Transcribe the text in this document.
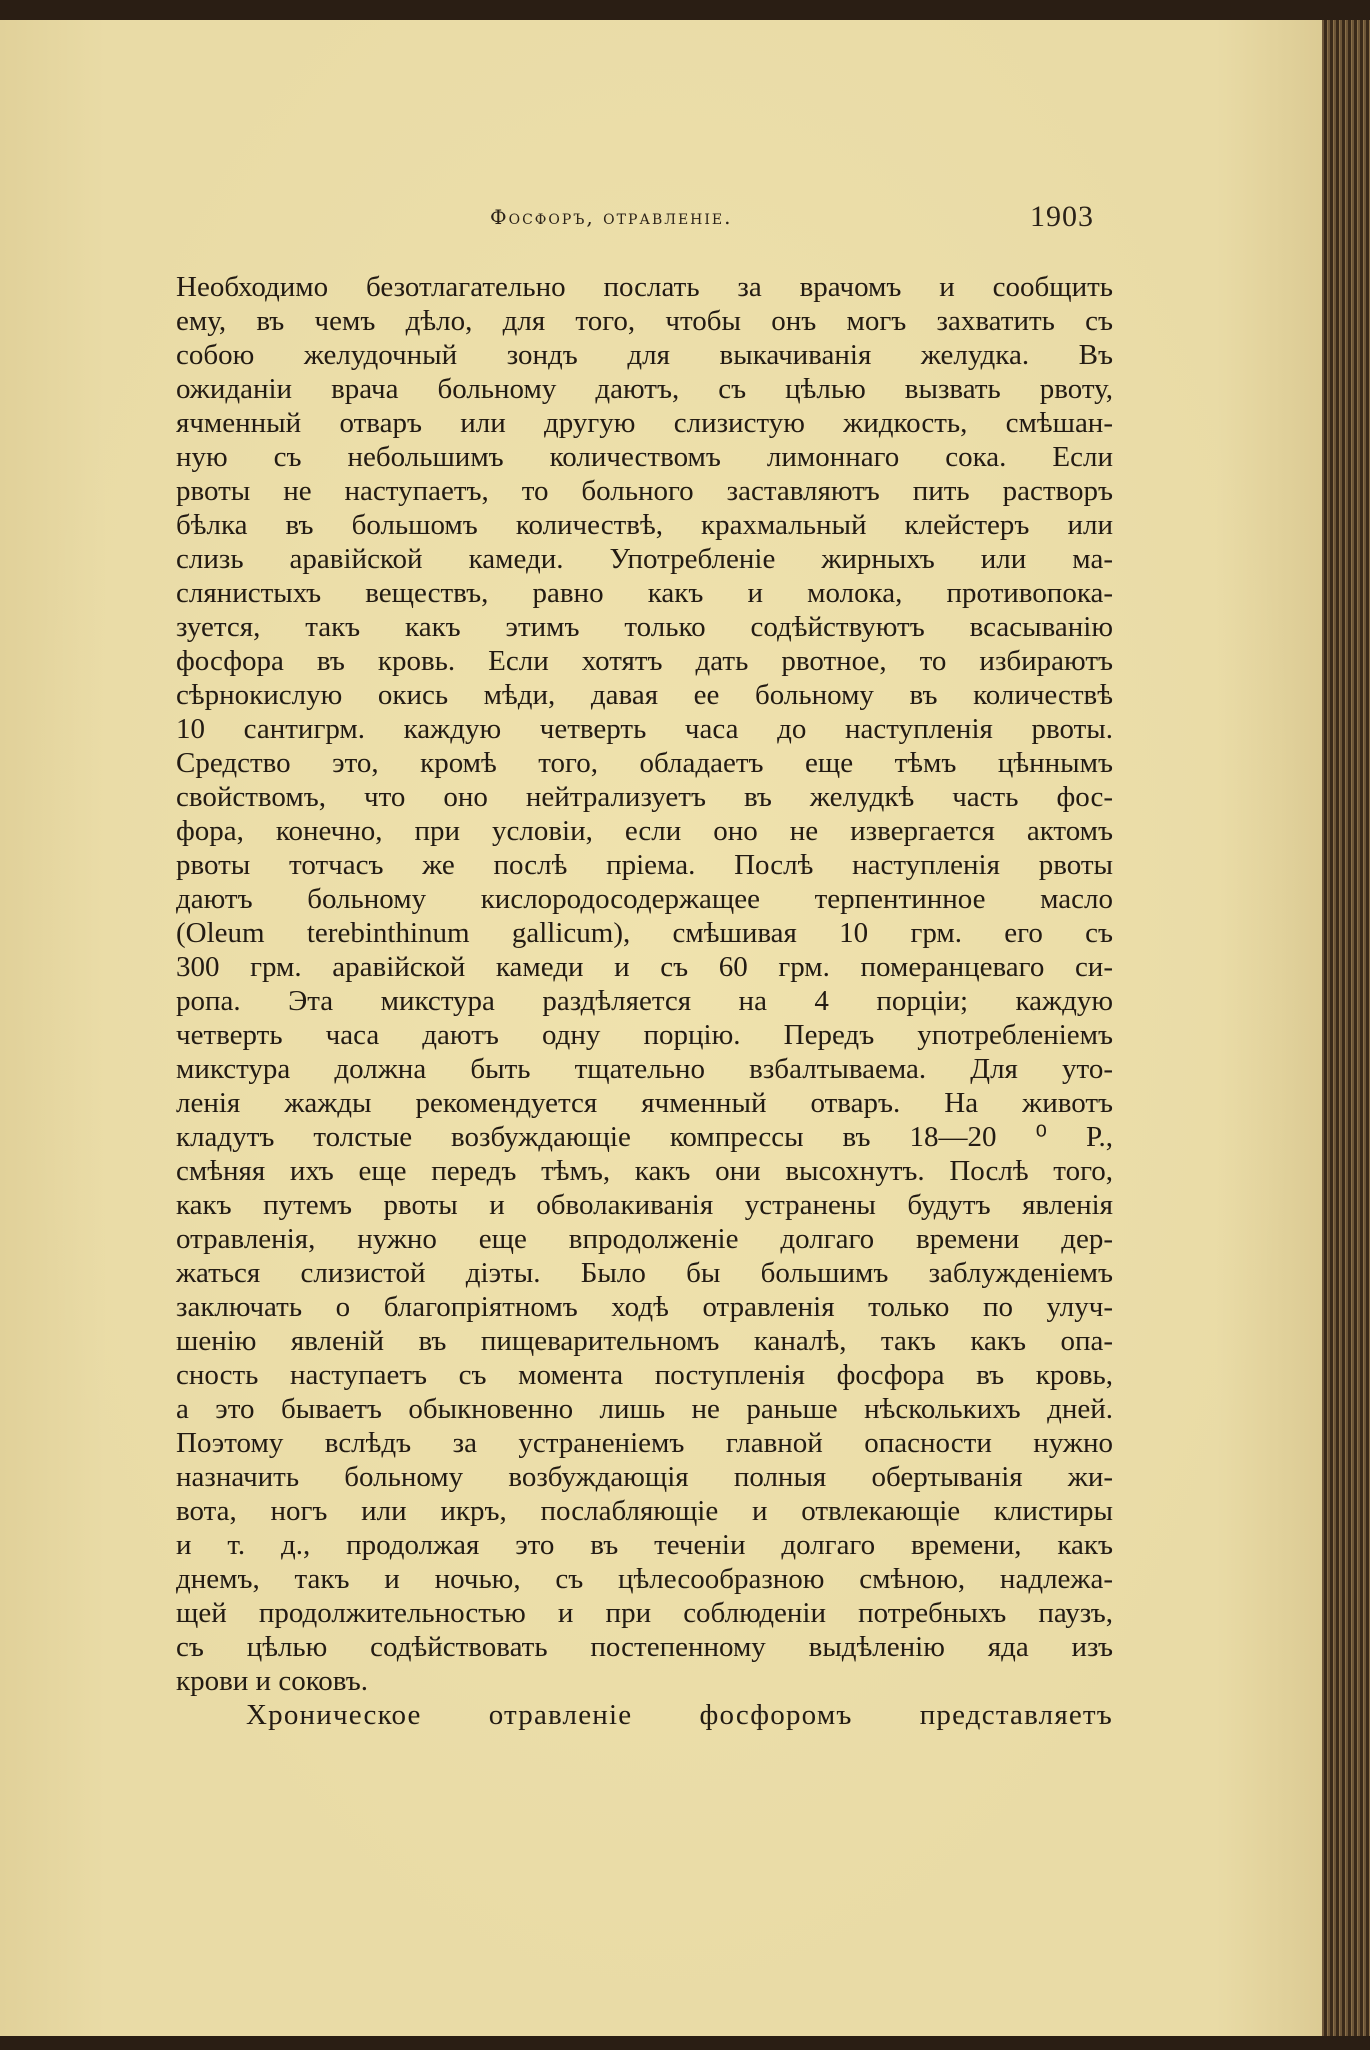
Фосфоръ, отравленіе.	1903
Необходимо безотлагательно послать за врачомъ и сообщить
ему, въ чемъ дѣло, для того, чтобы онъ могъ захватить съ
собою желудочный зондъ для выкачиванія желудка. Въ
ожиданіи врача больному даютъ, съ цѣлью вызвать рвоту,
ячменный отваръ или другую слизистую жидкость, смѣшан-
ную съ небольшимъ количествомъ лимоннаго сока. Если
рвоты не наступаетъ, то больного заставляютъ пить растворъ
бѣлка въ большомъ количествѣ, крахмальный клейстеръ или
слизь аравійской камеди. Употребленіе жирныхъ или ма-
слянистыхъ веществъ, равно какъ и молока, противопока-
зуется, такъ какъ этимъ только содѣйствуютъ всасыванію
фосфора въ кровь. Если хотятъ дать рвотное, то избираютъ
сѣрнокислую окись мѣди, давая ее больному въ количествѣ
10 сантигрм. каждую четверть часа до наступленія рвоты.
Средство это, кромѣ того, обладаетъ еще тѣмъ цѣннымъ
свойствомъ, что оно нейтрализуетъ въ желудкѣ часть фос-
фора, конечно, при условіи, если оно не извергается актомъ
рвоты тотчасъ же послѣ пріема. Послѣ наступленія рвоты
даютъ больному кислородосодержащее терпентинное масло
(Oleum terebinthinum gallicum), смѣшивая 10 грм. его съ
300 грм. аравійской камеди и съ 60 грм. померанцеваго си-
ропа. Эта микстура раздѣляется на 4 порціи; каждую
четверть часа даютъ одну порцію. Передъ употребленіемъ
микстура должна быть тщательно взбалтываема. Для уто-
ленія жажды рекомендуется ячменный отваръ. На животъ
кладутъ толстые возбуждающіе компрессы въ 18—20 ⁰ Р.,
смѣняя ихъ еще передъ тѣмъ, какъ они высохнутъ. Послѣ того,
какъ путемъ рвоты и обволакиванія устранены будутъ явленія
отравленія, нужно еще впродолженіе долгаго времени дер-
жаться слизистой діэты. Было бы большимъ заблужденіемъ
заключать о благопріятномъ ходѣ отравленія только по улуч-
шенію явленій въ пищеварительномъ каналѣ, такъ какъ опа-
сность наступаетъ съ момента поступленія фосфора въ кровь,
а это бываетъ обыкновенно лишь не раньше нѣсколькихъ дней.
Поэтому вслѣдъ за устраненіемъ главной опасности нужно
назначить больному возбуждающія полныя обертыванія жи-
вота, ногъ или икръ, послабляющіе и отвлекающіе клистиры
и т. д., продолжая это въ теченіи долгаго времени, какъ
днемъ, такъ и ночью, съ цѣлесообразною смѣною, надлежа-
щей продолжительностью и при соблюденіи потребныхъ паузъ,
съ цѣлью содѣйствовать постепенному выдѣленію яда изъ
крови и соковъ.
Хроническое отравленіе фосфоромъ представляетъ
